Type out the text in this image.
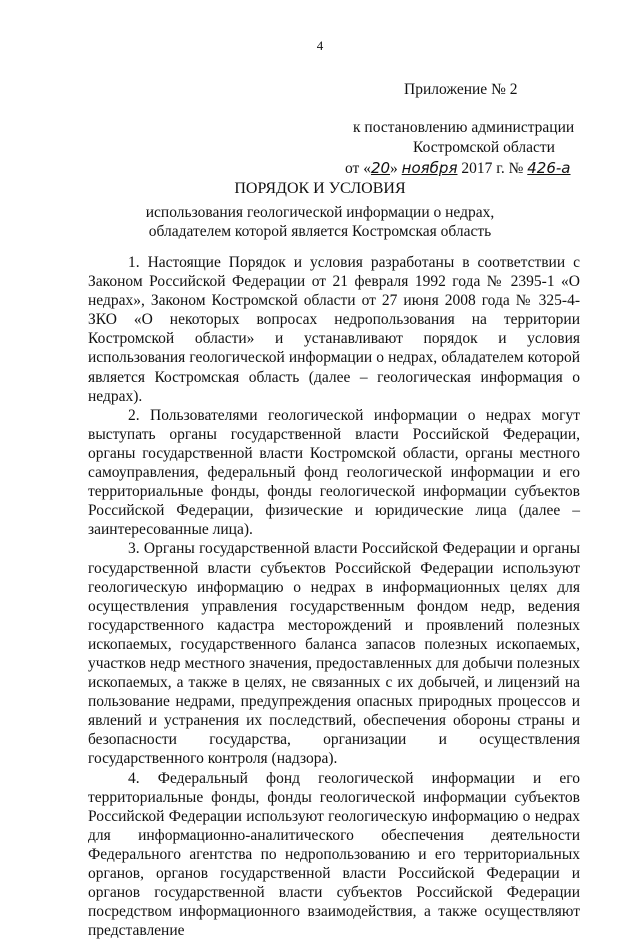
4
Приложение № 2
к постановлению администрации
Костромской области
от «20» ноября 2017 г. № 426-а
ПОРЯДОК И УСЛОВИЯ
использования геологической информации о недрах,
обладателем которой является Костромская область

1. Настоящие Порядок и условия разработаны в соответствии с Законом Российской Федерации от 21 февраля 1992 года № 2395-1 «О недрах», Законом Костромской области от 27 июня 2008 года № 325-4-ЗКО «О некоторых вопросах недропользования на территории Костромской области» и устанавливают порядок и условия использования геологической информации о недрах, обладателем которой является Костромская область (далее – геологическая информация о недрах).

2. Пользователями геологической информации о недрах могут выступать органы государственной власти Российской Федерации, органы государственной власти Костромской области, органы местного самоуправления, федеральный фонд геологической информации и его территориальные фонды, фонды геологической информации субъектов Российской Федерации, физические и юридические лица (далее – заинтересованные лица).

3. Органы государственной власти Российской Федерации и органы государственной власти субъектов Российской Федерации используют геологическую информацию о недрах в информационных целях для осуществления управления государственным фондом недр, ведения государственного кадастра месторождений и проявлений полезных ископаемых, государственного баланса запасов полезных ископаемых, участков недр местного значения, предоставленных для добычи полезных ископаемых, а также в целях, не связанных с их добычей, и лицензий на пользование недрами, предупреждения опасных природных процессов и явлений и устранения их последствий, обеспечения обороны страны и безопасности государства, организации и осуществления государственного контроля (надзора).

4. Федеральный фонд геологической информации и его территориальные фонды, фонды геологической информации субъектов Российской Федерации используют геологическую информацию о недрах для информационно-аналитического обеспечения деятельности Федерального агентства по недропользованию и его территориальных органов, органов государственной власти Российской Федерации и органов государственной власти субъектов Российской Федерации посредством информационного взаимодействия, а также осуществляют представление
